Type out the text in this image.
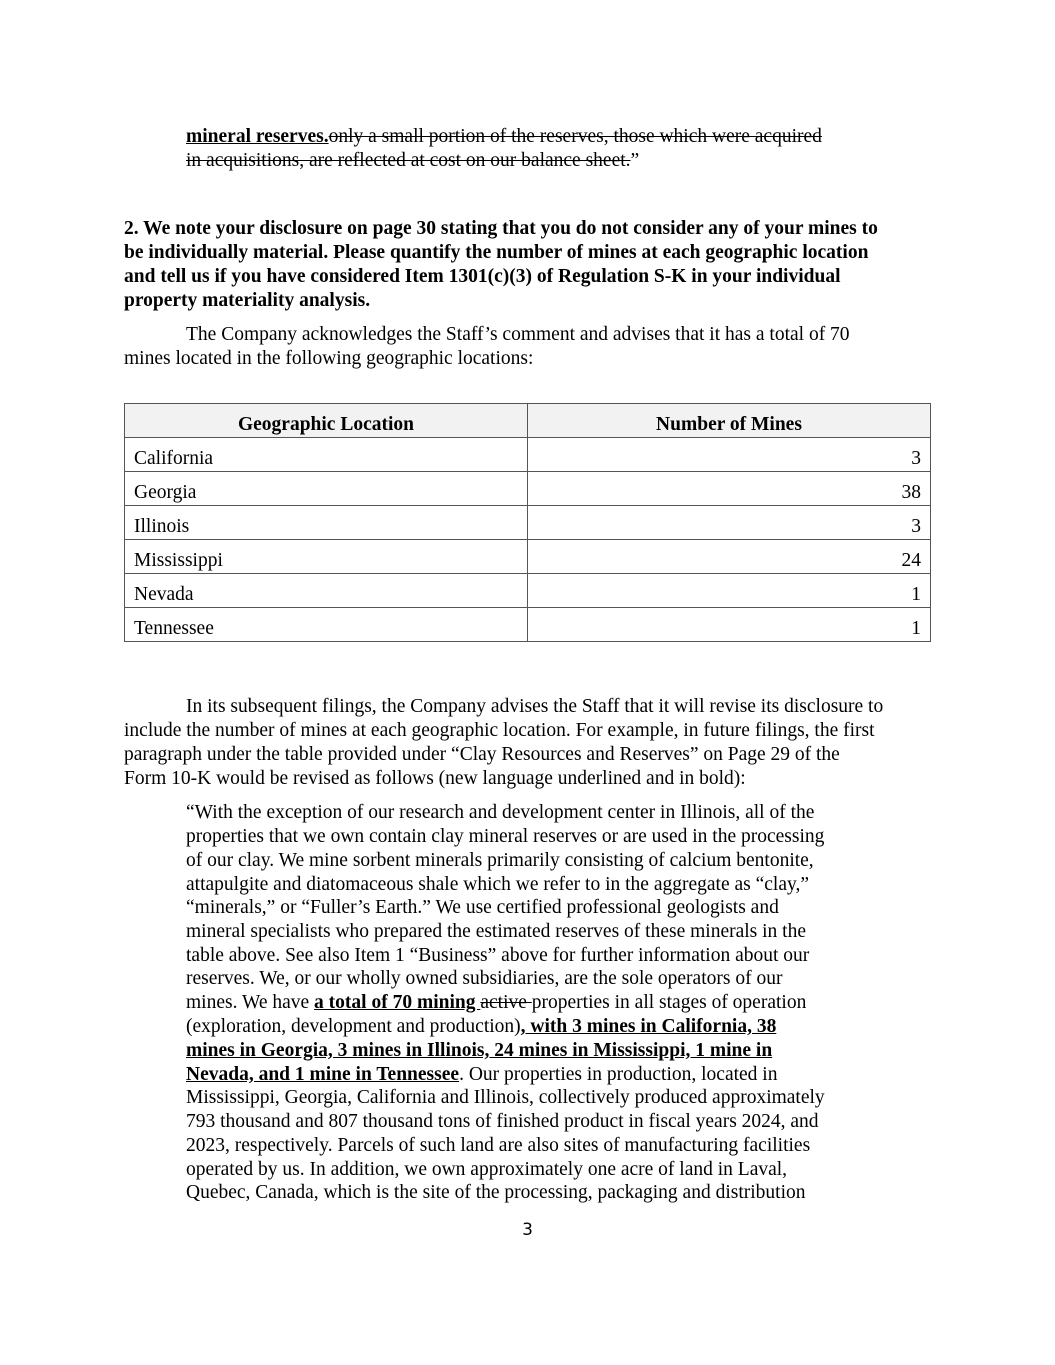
mineral reserves.only a small portion of the reserves, those which were acquired
in acquisitions, are reflected at cost on our balance sheet.”
2. We note your disclosure on page 30 stating that you do not consider any of your mines to
be individually material. Please quantify the number of mines at each geographic location
and tell us if you have considered Item 1301(c)(3) of Regulation S-K in your individual
property materiality analysis.
The Company acknowledges the Staff’s comment and advises that it has a total of 70
mines located in the following geographic locations:
Geographic Location	Number of Mines
California	3
Georgia	38
Illinois	3
Mississippi	24
Nevada	1
Tennessee	1
In its subsequent filings, the Company advises the Staff that it will revise its disclosure to
include the number of mines at each geographic location. For example, in future filings, the first
paragraph under the table provided under “Clay Resources and Reserves” on Page 29 of the
Form 10-K would be revised as follows (new language underlined and in bold):
“With the exception of our research and development center in Illinois, all of the
properties that we own contain clay mineral reserves or are used in the processing
of our clay. We mine sorbent minerals primarily consisting of calcium bentonite,
attapulgite and diatomaceous shale which we refer to in the aggregate as “clay,”
“minerals,” or “Fuller’s Earth.” We use certified professional geologists and
mineral specialists who prepared the estimated reserves of these minerals in the
table above. See also Item 1 “Business” above for further information about our
reserves. We, or our wholly owned subsidiaries, are the sole operators of our
mines. We have a total of 70 mining active properties in all stages of operation
(exploration, development and production), with 3 mines in California, 38
mines in Georgia, 3 mines in Illinois, 24 mines in Mississippi, 1 mine in
Nevada, and 1 mine in Tennessee. Our properties in production, located in
Mississippi, Georgia, California and Illinois, collectively produced approximately
793 thousand and 807 thousand tons of finished product in fiscal years 2024, and
2023, respectively. Parcels of such land are also sites of manufacturing facilities
operated by us. In addition, we own approximately one acre of land in Laval,
Quebec, Canada, which is the site of the processing, packaging and distribution
3
